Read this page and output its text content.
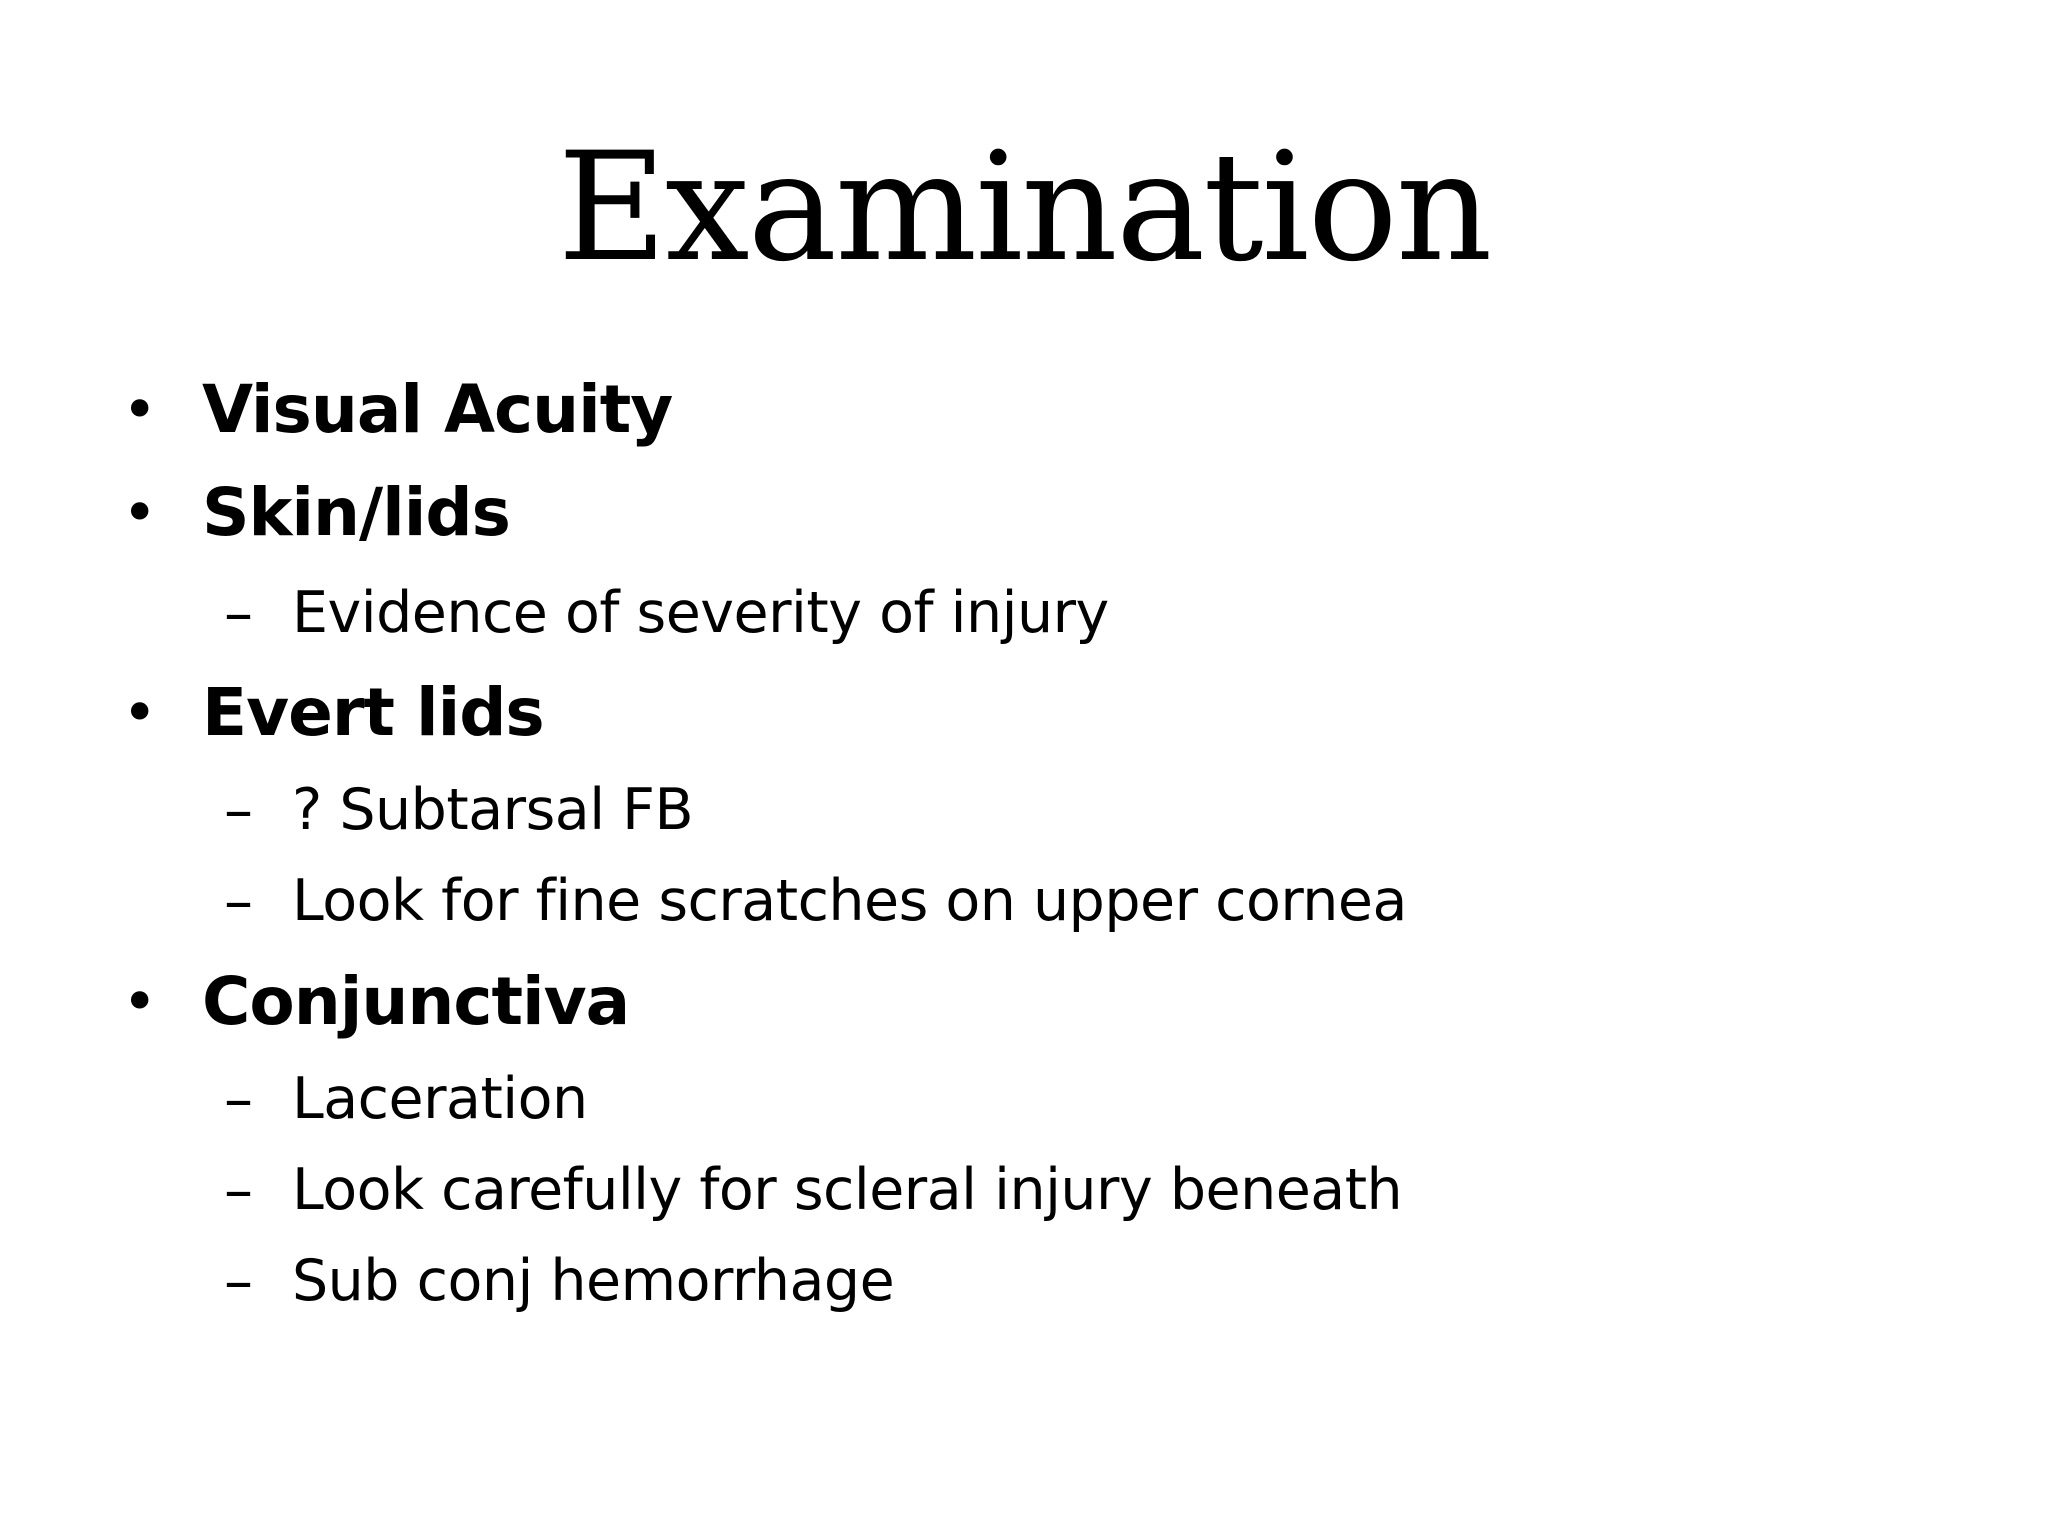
Examination
• Visual Acuity
• Skin/lids
– Evidence of severity of injury
• Evert lids
– ? Subtarsal FB
– Look for fine scratches on upper cornea
• Conjunctiva
– Laceration
– Look carefully for scleral injury beneath
– Sub conj hemorrhage
